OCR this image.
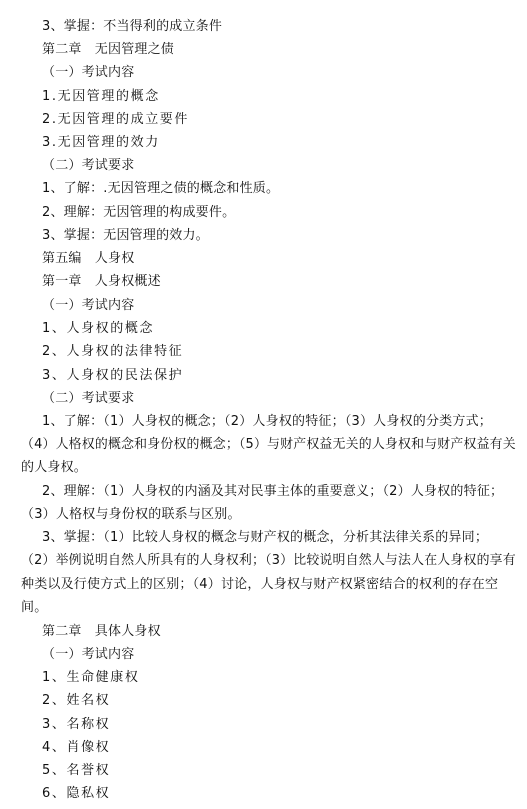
3、掌握：不当得利的成立条件
第二章　无因管理之债
（一）考试内容
1.无因管理的概念
2.无因管理的成立要件
3.无因管理的效力
（二）考试要求
1、了解：.无因管理之债的概念和性质。
2、理解：无因管理的构成要件。
3、掌握：无因管理的效力。
第五编　人身权
第一章　人身权概述
（一）考试内容
1、人身权的概念
2、人身权的法律特征
3、人身权的民法保护
（二）考试要求
1、了解：（1）人身权的概念；（2）人身权的特征；（3）人身权的分类方式；
（4）人格权的概念和身份权的概念；（5）与财产权益无关的人身权和与财产权益有关
的人身权。
2、理解：（1）人身权的内涵及其对民事主体的重要意义；（2）人身权的特征；
（3）人格权与身份权的联系与区别。
3、掌握：（1）比较人身权的概念与财产权的概念，分析其法律关系的异同；
（2）举例说明自然人所具有的人身权利；（3）比较说明自然人与法人在人身权的享有
种类以及行使方式上的区别；（4）讨论，人身权与财产权紧密结合的权利的存在空
间。
第二章　具体人身权
（一）考试内容
1、生命健康权
2、姓名权
3、名称权
4、肖像权
5、名誉权
6、隐私权
